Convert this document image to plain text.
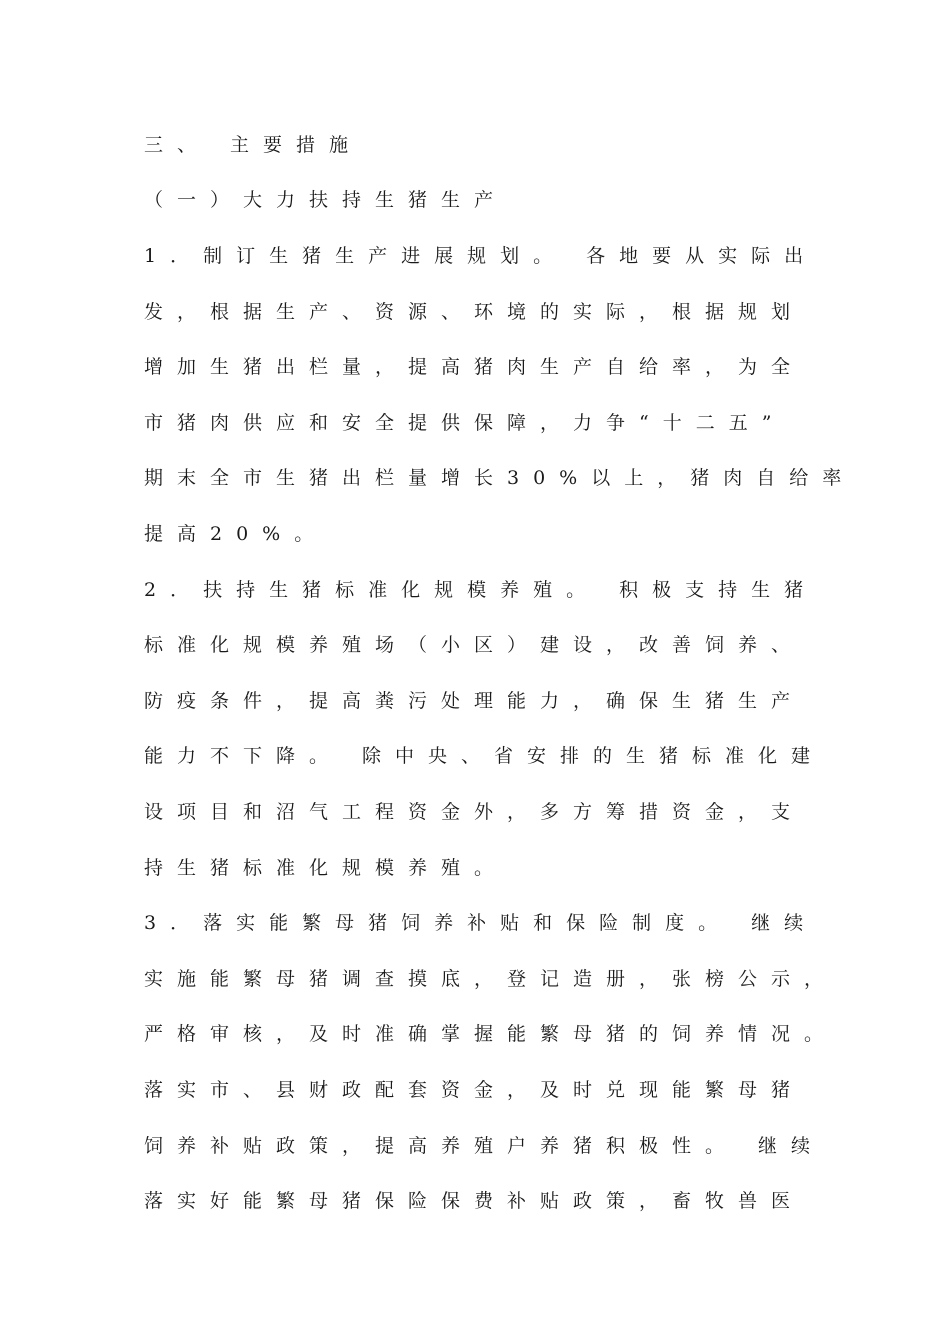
三、 主要措施
（一）大力扶持生猪生产
1．制订生猪生产进展规划。 各地要从实际出
发，根据生产、资源、环境的实际，根据规划
增加生猪出栏量，提高猪肉生产自给率，为全
市猪肉供应和安全提供保障，力争“十二五”
期末全市生猪出栏量增长30%以上，猪肉自给率
提高20%。
2．扶持生猪标准化规模养殖。 积极支持生猪
标准化规模养殖场（小区）建设，改善饲养、
防疫条件，提高粪污处理能力，确保生猪生产
能力不下降。 除中央、省安排的生猪标准化建
设项目和沼气工程资金外，多方筹措资金，支
持生猪标准化规模养殖。
3．落实能繁母猪饲养补贴和保险制度。 继续
实施能繁母猪调查摸底，登记造册，张榜公示，
严格审核，及时准确掌握能繁母猪的饲养情况。
落实市、县财政配套资金，及时兑现能繁母猪
饲养补贴政策，提高养殖户养猪积极性。 继续
落实好能繁母猪保险保费补贴政策，畜牧兽医
